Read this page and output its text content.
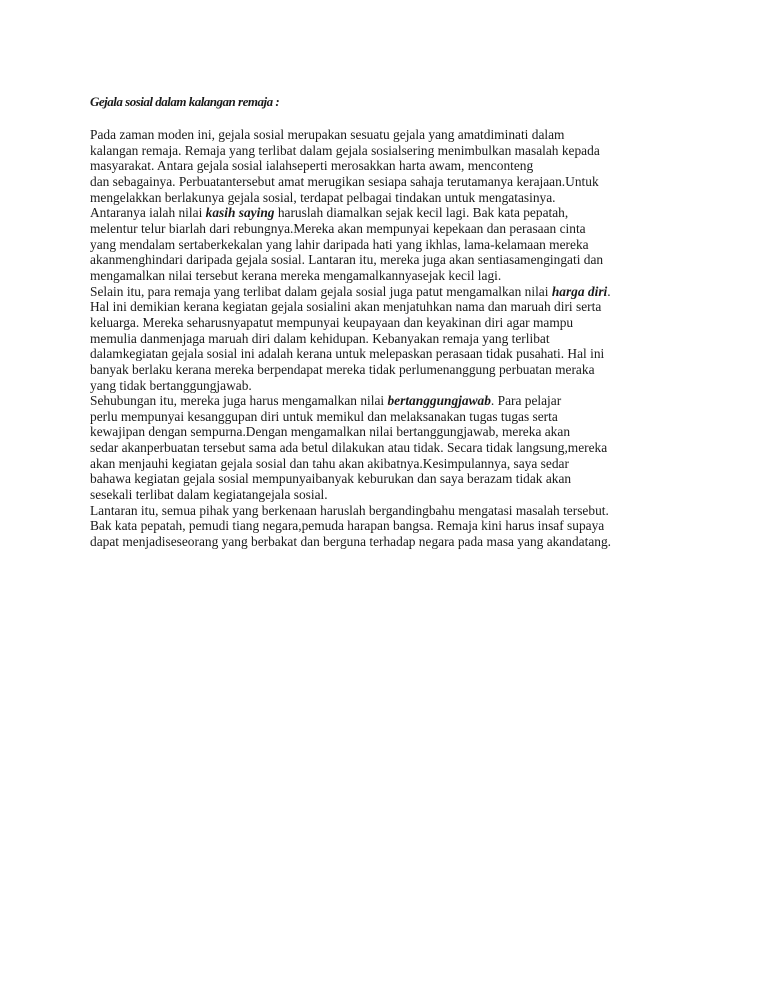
Gejala sosial dalam kalangan remaja :
Pada zaman moden ini, gejala sosial merupakan sesuatu gejala yang amatdiminati dalam
kalangan remaja. Remaja yang terlibat dalam gejala sosialsering menimbulkan masalah kepada
masyarakat. Antara gejala sosial ialahseperti merosakkan harta awam, menconteng
dan sebagainya. Perbuatantersebut amat merugikan sesiapa sahaja terutamanya kerajaan.Untuk
mengelakkan berlakunya gejala sosial, terdapat pelbagai tindakan untuk mengatasinya.
Antaranya ialah nilai kasih saying haruslah diamalkan sejak kecil lagi. Bak kata pepatah,
melentur telur biarlah dari rebungnya.Mereka akan mempunyai kepekaan dan perasaan cinta
yang mendalam sertaberkekalan yang lahir daripada hati yang ikhlas, lama-kelamaan mereka
akanmenghindari daripada gejala sosial. Lantaran itu, mereka juga akan sentiasamengingati dan
mengamalkan nilai tersebut kerana mereka mengamalkannyasejak kecil lagi.
Selain itu, para remaja yang terlibat dalam gejala sosial juga patut mengamalkan nilai harga diri.
Hal ini demikian kerana kegiatan gejala sosialini akan menjatuhkan nama dan maruah diri serta
keluarga. Mereka seharusnyapatut mempunyai keupayaan dan keyakinan diri agar mampu
memulia danmenjaga maruah diri dalam kehidupan. Kebanyakan remaja yang terlibat
dalamkegiatan gejala sosial ini adalah kerana untuk melepaskan perasaan tidak pusahati. Hal ini
banyak berlaku kerana mereka berpendapat mereka tidak perlumenanggung perbuatan meraka
yang tidak bertanggungjawab.
Sehubungan itu, mereka juga harus mengamalkan nilai bertanggungjawab. Para pelajar
perlu mempunyai kesanggupan diri untuk memikul dan melaksanakan tugas tugas serta
kewajipan dengan sempurna.Dengan mengamalkan nilai bertanggungjawab, mereka akan
sedar akanperbuatan tersebut sama ada betul dilakukan atau tidak. Secara tidak langsung,mereka
akan menjauhi kegiatan gejala sosial dan tahu akan akibatnya.Kesimpulannya, saya sedar
bahawa kegiatan gejala sosial mempunyaibanyak keburukan dan saya berazam tidak akan
sesekali terlibat dalam kegiatangejala sosial.
Lantaran itu, semua pihak yang berkenaan haruslah bergandingbahu mengatasi masalah tersebut.
Bak kata pepatah, pemudi tiang negara,pemuda harapan bangsa. Remaja kini harus insaf supaya
dapat menjadiseseorang yang berbakat dan berguna terhadap negara pada masa yang akandatang.
